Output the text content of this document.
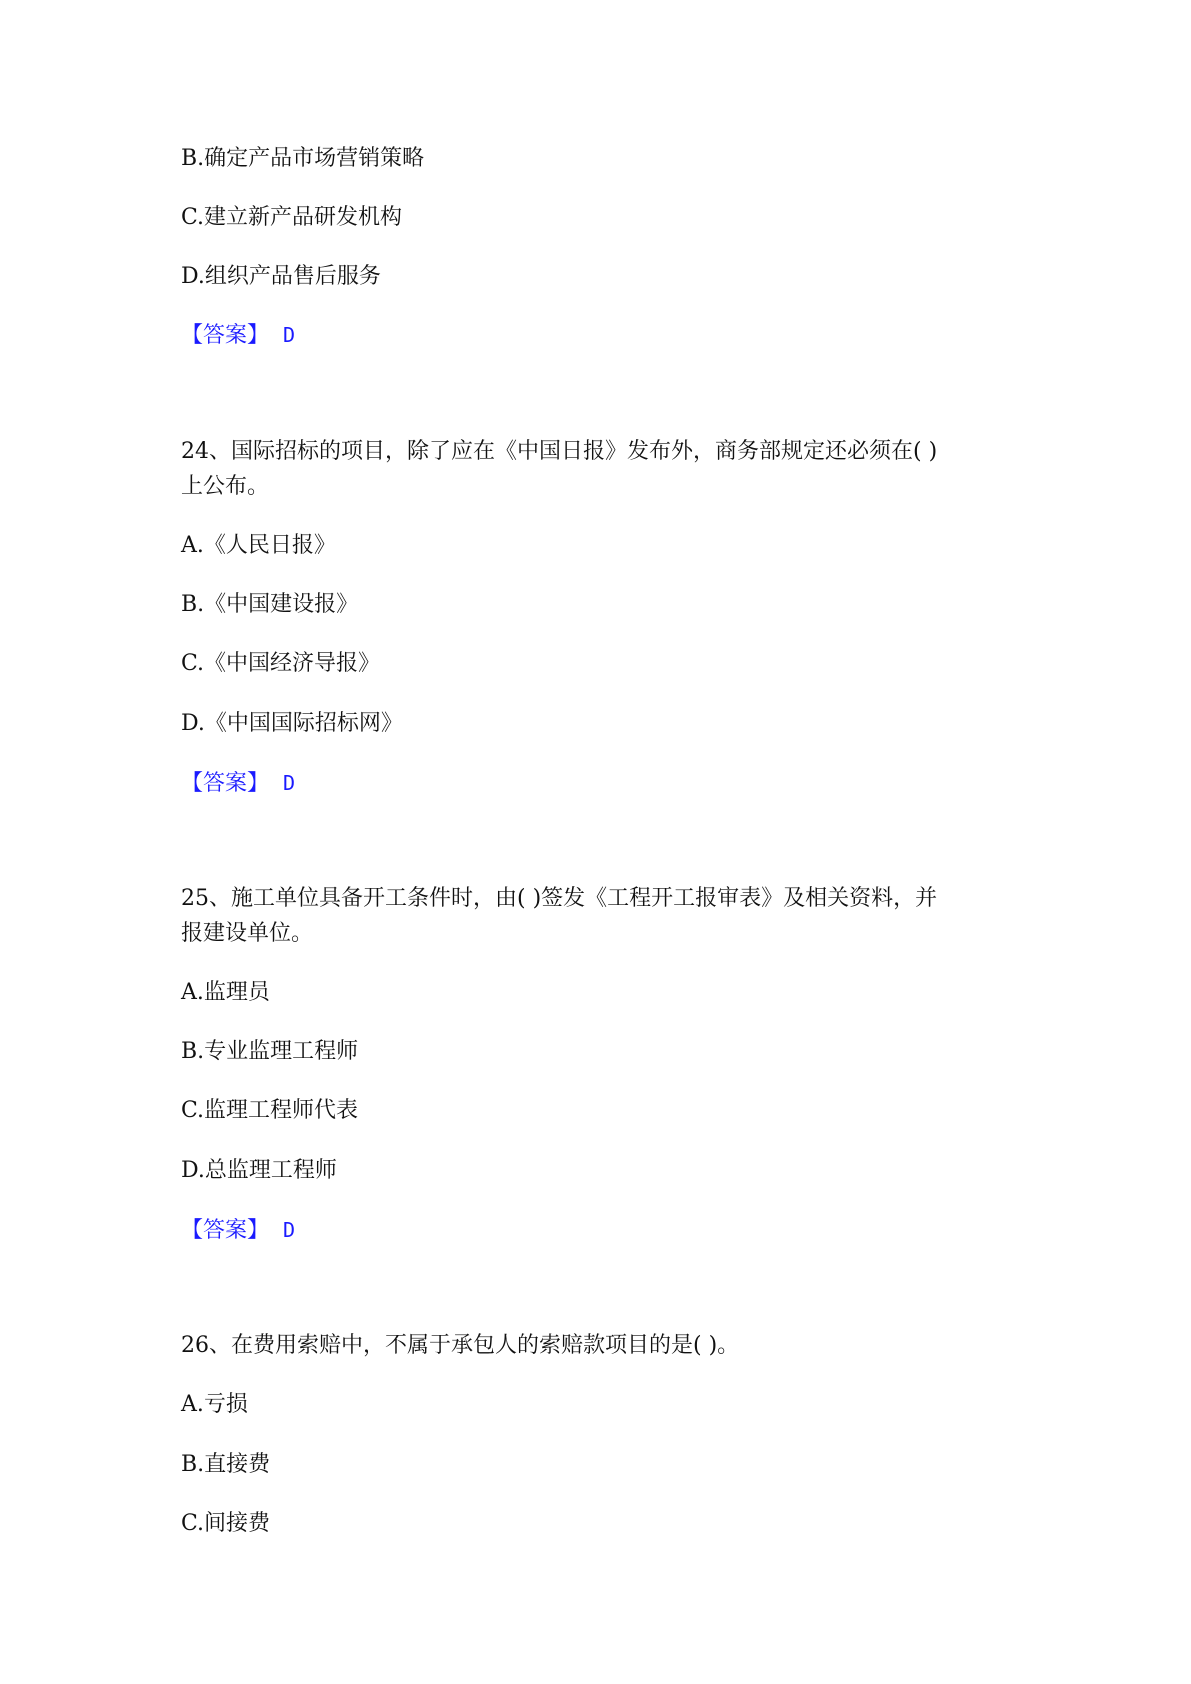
B.确定产品市场营销策略

C.建立新产品研发机构

D.组织产品售后服务

【答案】 D

24、国际招标的项目，除了应在《中国日报》发布外，商务部规定还必须在( )

上公布。

A.《人民日报》

B.《中国建设报》

C.《中国经济导报》

D.《中国国际招标网》

【答案】 D

25、施工单位具备开工条件时，由( )签发《工程开工报审表》及相关资料，并

报建设单位。

A.监理员

B.专业监理工程师

C.监理工程师代表

D.总监理工程师

【答案】 D

26、在费用索赔中，不属于承包人的索赔款项目的是( )。

A.亏损

B.直接费

C.间接费
